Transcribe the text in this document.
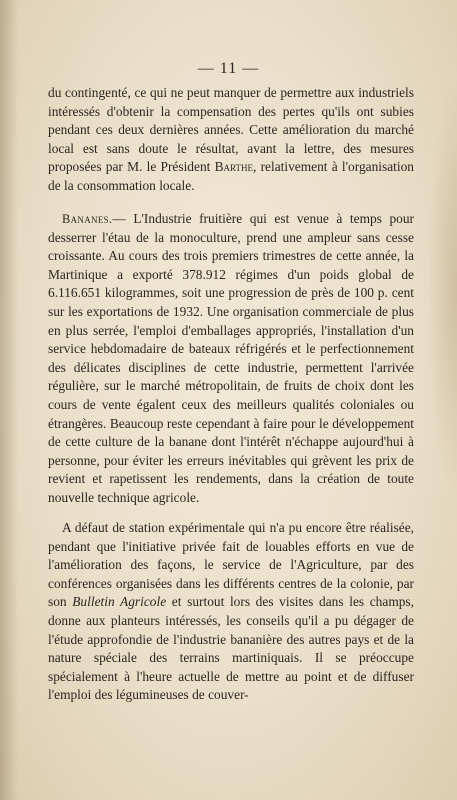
— 11 —
du contingenté, ce qui ne peut manquer de permettre aux industriels intéressés d'obtenir la compensation des pertes qu'ils ont subies pendant ces deux dernières années. Cette amélioration du marché local est sans doute le résultat, avant la lettre, des mesures proposées par M. le Président Barthe, relativement à l'organisation de la consommation locale.
Bananes.— L'Industrie fruitière qui est venue à temps pour desserrer l'étau de la monoculture, prend une ampleur sans cesse croissante. Au cours des trois premiers trimestres de cette année, la Martinique a exporté 378.912 régimes d'un poids global de 6.116.651 kilogrammes, soit une progression de près de 100 p. cent sur les exportations de 1932. Une organisation commerciale de plus en plus serrée, l'emploi d'emballages appropriés, l'installation d'un service hebdomadaire de bateaux réfrigérés et le perfectionnement des délicates disciplines de cette industrie, permettent l'arrivée régulière, sur le marché métropolitain, de fruits de choix dont les cours de vente égalent ceux des meilleurs qualités coloniales ou étrangères. Beaucoup reste cependant à faire pour le développement de cette culture de la banane dont l'intérêt n'échappe aujourd'hui à personne, pour éviter les erreurs inévitables qui grèvent les prix de revient et rapetissent les rendements, dans la création de toute nouvelle technique agricole.
A défaut de station expérimentale qui n'a pu encore être réalisée, pendant que l'initiative privée fait de louables efforts en vue de l'amélioration des façons, le service de l'Agriculture, par des conférences organisées dans les différents centres de la colonie, par son Bulletin Agricole et surtout lors des visites dans les champs, donne aux planteurs intéressés, les conseils qu'il a pu dégager de l'étude approfondie de l'industrie bananière des autres pays et de la nature spéciale des terrains martiniquais. Il se préoccupe spécialement à l'heure actuelle de mettre au point et de diffuser l'emploi des légumineuses de couver-
